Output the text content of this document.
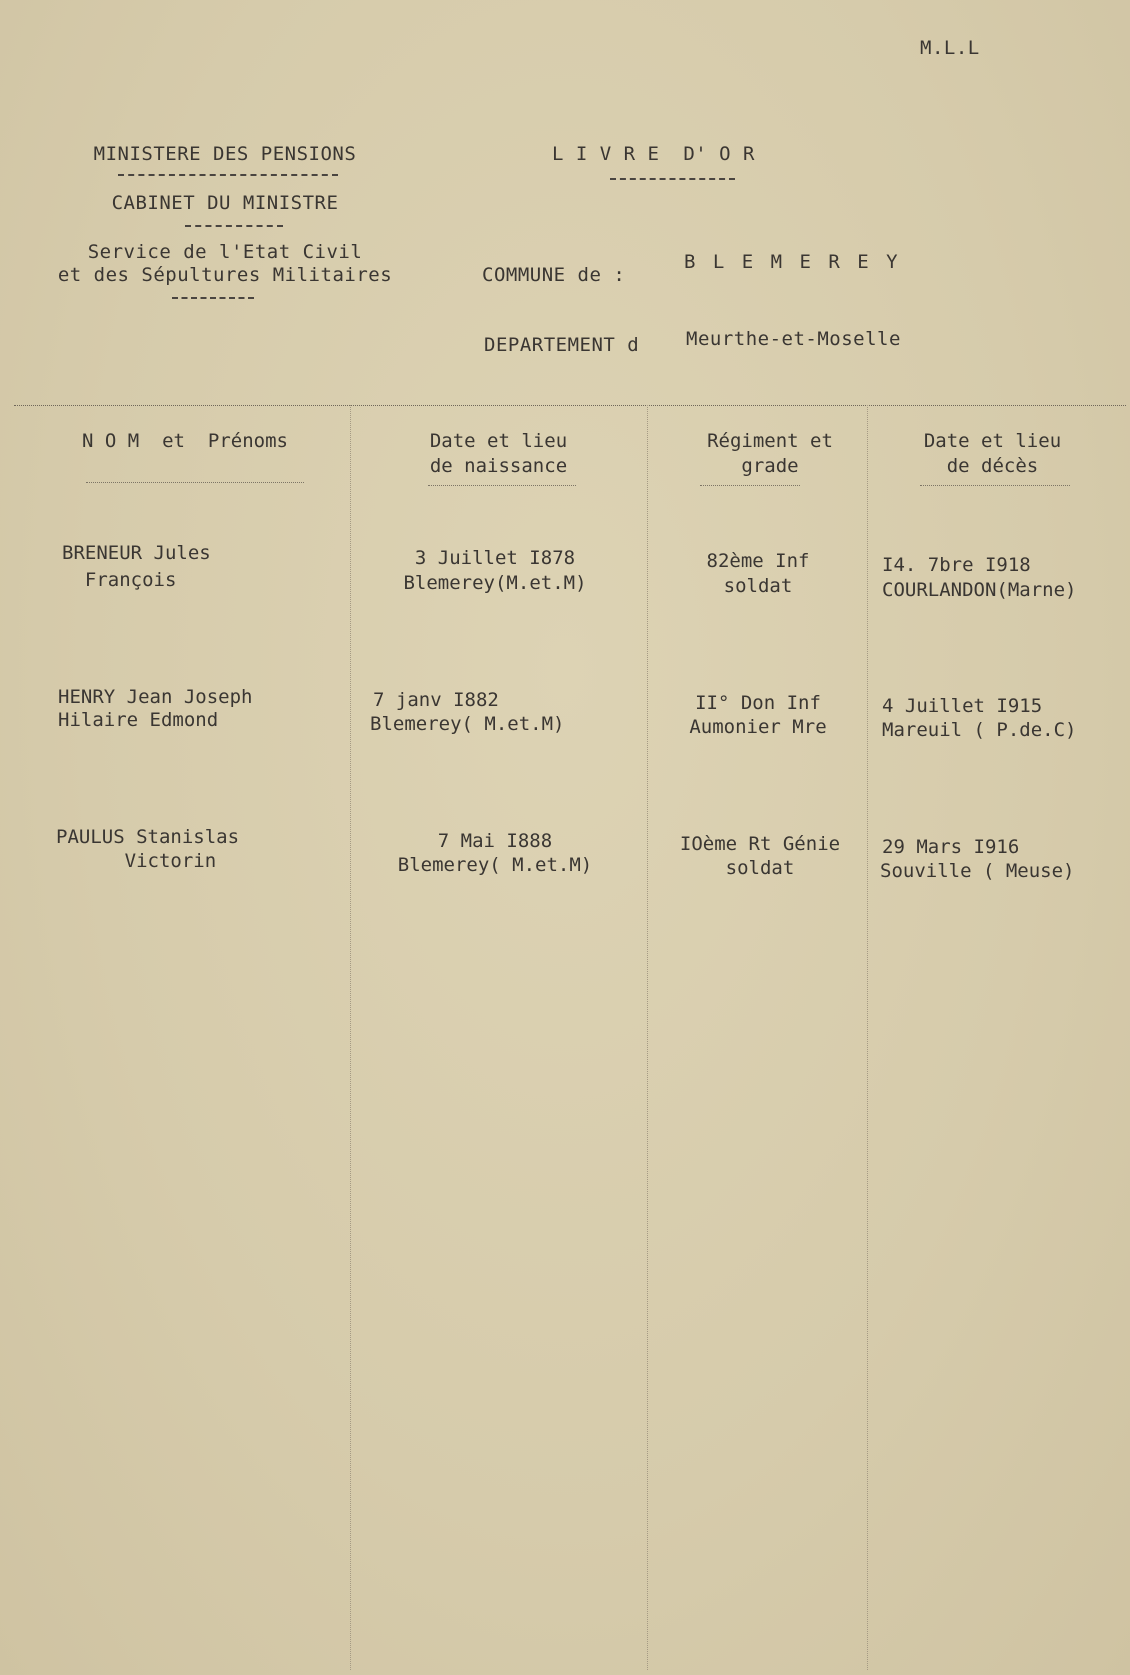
M.L.L
MINISTERE DES PENSIONS
CABINET DU MINISTRE
Service de l'Etat Civil
et des Sépultures Militaires
L I V R E  D' O R
COMMUNE de :
B L E M E R E Y
DEPARTEMENT d Meurthe-et-Moselle
N O M  et  Prénoms	Date et lieu
de naissance
Régiment et
grade
Date et lieu
de décès
BRENEUR Jules
François
3 Juillet I878
Blemerey(M.et.M)
82ème Inf
soldat
I4. 7bre I918
COURLANDON(Marne)
HENRY Jean Joseph
Hilaire Edmond
7 janv I882
Blemerey( M.et.M)
II° Don Inf
Aumonier Mre
4 Juillet I915
Mareuil ( P.de.C)
PAULUS Stanislas
Victorin
7 Mai I888
Blemerey( M.et.M)
IOème Rt Génie
soldat
29 Mars I916
Souville ( Meuse)
